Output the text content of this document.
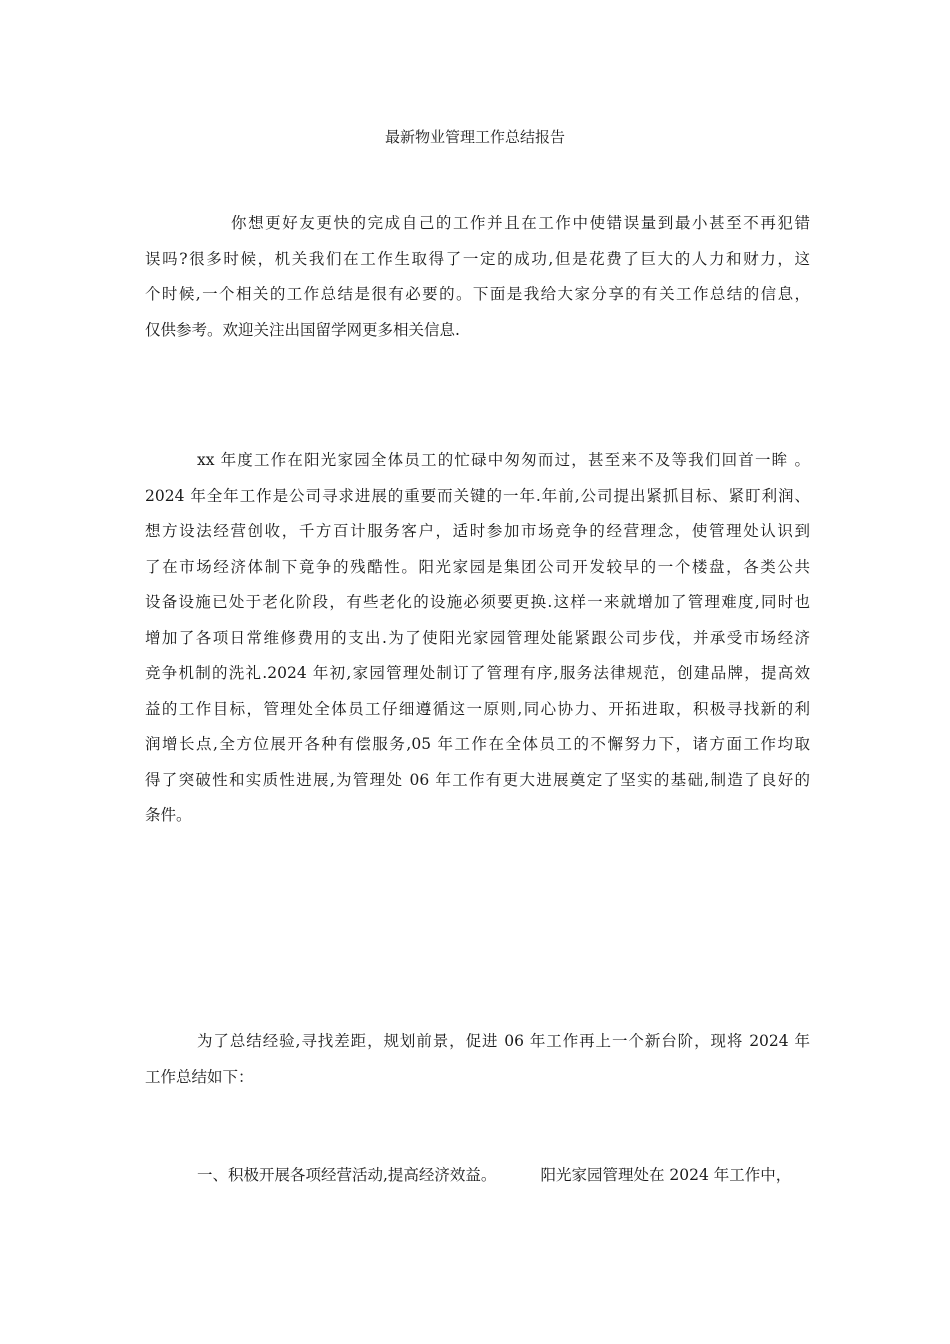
最新物业管理工作总结报告
你想更好友更快的完成自己的工作并且在工作中使错误量到最小甚至不再犯错
误吗?很多时候，机关我们在工作生取得了一定的成功,但是花费了巨大的人力和财力，这
个时候,一个相关的工作总结是很有必要的。下面是我给大家分享的有关工作总结的信息，
仅供参考。欢迎关注出国留学网更多相关信息.
xx 年度工作在阳光家园全体员工的忙碌中匆匆而过，甚至来不及等我们回首一眸 。
2024 年全年工作是公司寻求进展的重要而关键的一年.年前,公司提出紧抓目标、紧盯利润、
想方设法经营创收，千方百计服务客户，适时参加市场竞争的经营理念，使管理处认识到
了在市场经济体制下竟争的残酷性。阳光家园是集团公司开发较早的一个楼盘，各类公共
设备设施已处于老化阶段，有些老化的设施必须要更换.这样一来就增加了管理难度,同时也
增加了各项日常维修费用的支出.为了使阳光家园管理处能紧跟公司步伐，并承受市场经济
竞争机制的洗礼.2024 年初,家园管理处制订了管理有序,服务法律规范，创建品牌，提高效
益的工作目标，管理处全体员工仔细遵循这一原则,同心协力、开拓进取，积极寻找新的利
润增长点,全方位展开各种有偿服务,05 年工作在全体员工的不懈努力下，诸方面工作均取
得了突破性和实质性进展,为管理处 06 年工作有更大进展奠定了坚实的基础,制造了良好的
条件。
为了总结经验,寻找差距，规划前景，促进 06 年工作再上一个新台阶，现将 2024 年
工作总结如下：
一、积极开展各项经营活动,提高经济效益。	阳光家园管理处在 2024 年工作中，
